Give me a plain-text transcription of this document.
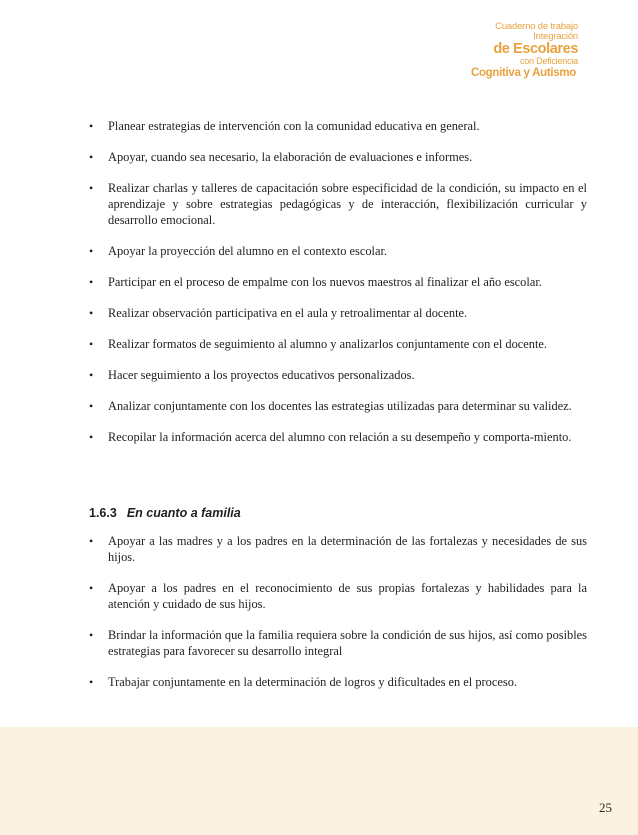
Cuaderno de trabajo
Integración
de Escolares
con Deficiencia
Cognitiva y Autismo
• Planear estrategias de intervención con la comunidad educativa en general.
• Apoyar, cuando sea necesario, la elaboración de evaluaciones e informes.
• Realizar charlas y talleres de capacitación sobre especificidad de la condición, su impacto en el aprendizaje y sobre estrategias pedagógicas y de interacción, flexibilización curricular y desarrollo emocional.
• Apoyar la proyección del alumno en el contexto escolar.
• Participar en el proceso de empalme con los nuevos maestros al finalizar el año escolar.
• Realizar observación participativa en el aula y retroalimentar al docente.
• Realizar formatos de seguimiento al alumno y analizarlos conjuntamente con el docente.
• Hacer seguimiento a los proyectos educativos personalizados.
• Analizar conjuntamente con los docentes las estrategias utilizadas para determinar su validez.
• Recopilar la información acerca del alumno con relación a su desempeño y comporta-miento.
1.6.3 En cuanto a familia
• Apoyar a las madres y a los padres en la determinación de las fortalezas y necesidades de sus hijos.
• Apoyar a los padres en el reconocimiento de sus propias fortalezas y habilidades para la atención y cuidado de sus hijos.
• Brindar la información que la familia requiera sobre la condición de sus hijos, así como posibles estrategias para favorecer su desarrollo integral
• Trabajar conjuntamente en la determinación de logros y dificultades en el proceso.
25
